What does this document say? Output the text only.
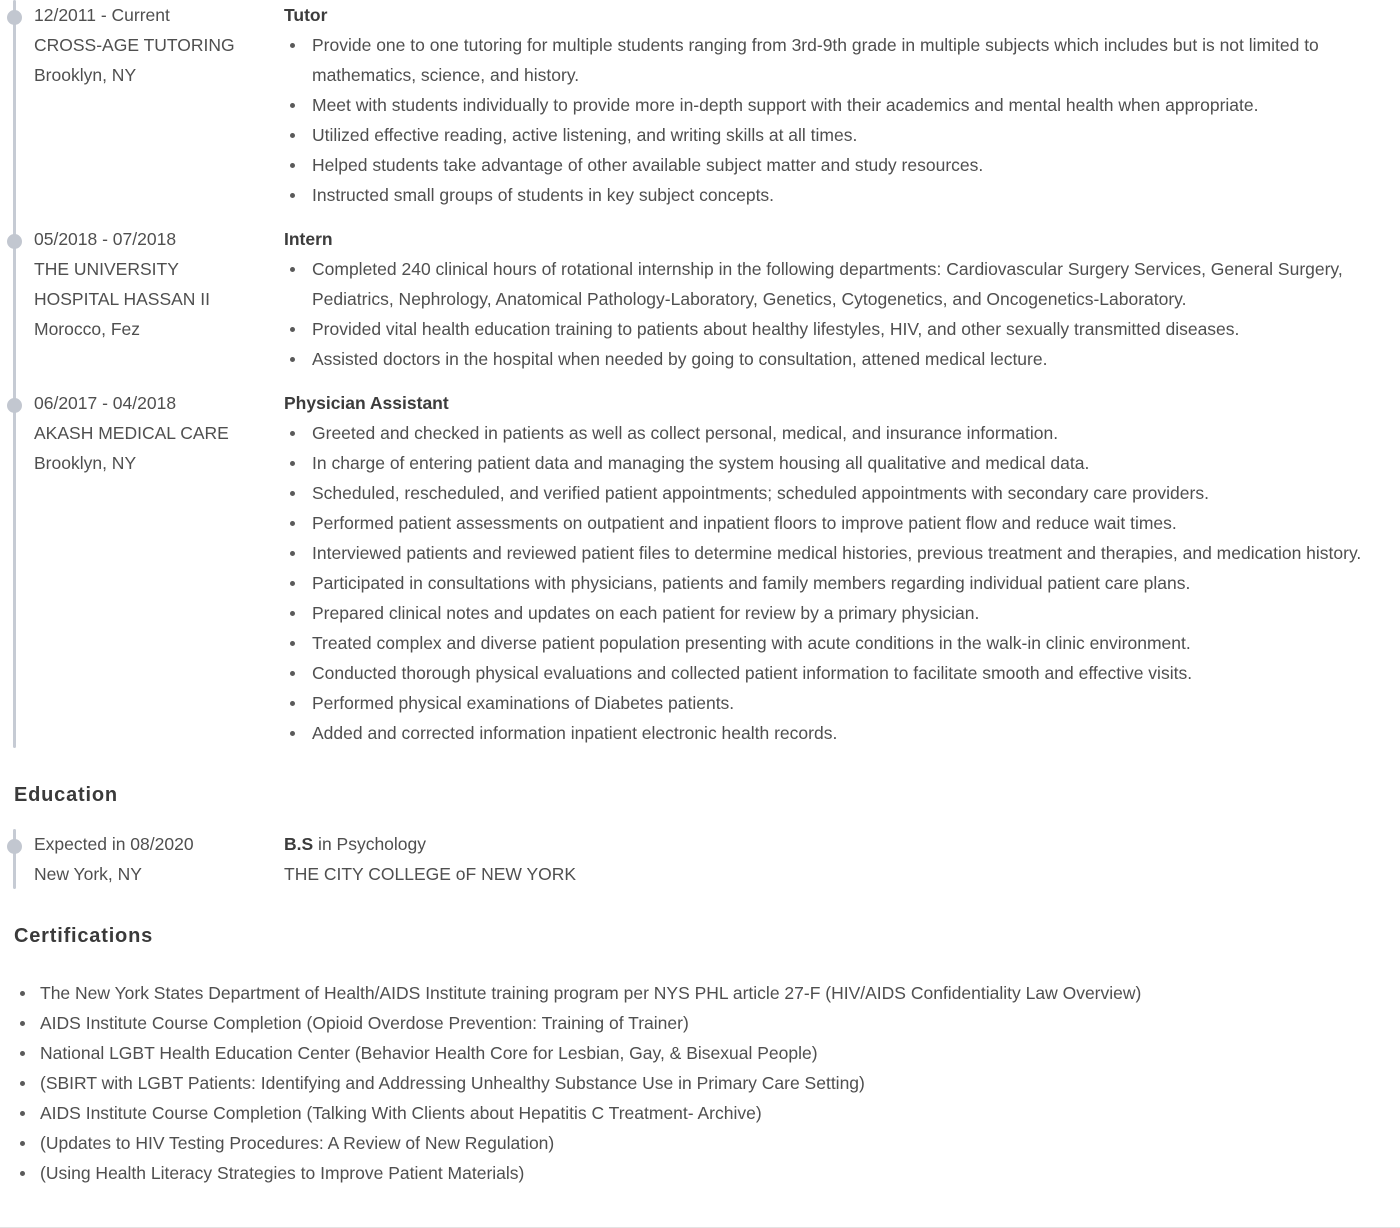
12/2011 - Current
CROSS-AGE TUTORING
Brooklyn, NY
Tutor
Provide one to one tutoring for multiple students ranging from 3rd-9th grade in multiple subjects which includes but is not limited to mathematics, science, and history.
Meet with students individually to provide more in-depth support with their academics and mental health when appropriate.
Utilized effective reading, active listening, and writing skills at all times.
Helped students take advantage of other available subject matter and study resources.
Instructed small groups of students in key subject concepts.
05/2018 - 07/2018
THE UNIVERSITY
HOSPITAL HASSAN II
Morocco, Fez
Intern
Completed 240 clinical hours of rotational internship in the following departments: Cardiovascular Surgery Services, General Surgery, Pediatrics, Nephrology, Anatomical Pathology-Laboratory, Genetics, Cytogenetics, and Oncogenetics-Laboratory.
Provided vital health education training to patients about healthy lifestyles, HIV, and other sexually transmitted diseases.
Assisted doctors in the hospital when needed by going to consultation, attened medical lecture.
06/2017 - 04/2018
AKASH MEDICAL CARE
Brooklyn, NY
Physician Assistant
Greeted and checked in patients as well as collect personal, medical, and insurance information.
In charge of entering patient data and managing the system housing all qualitative and medical data.
Scheduled, rescheduled, and verified patient appointments; scheduled appointments with secondary care providers.
Performed patient assessments on outpatient and inpatient floors to improve patient flow and reduce wait times.
Interviewed patients and reviewed patient files to determine medical histories, previous treatment and therapies, and medication history.
Participated in consultations with physicians, patients and family members regarding individual patient care plans.
Prepared clinical notes and updates on each patient for review by a primary physician.
Treated complex and diverse patient population presenting with acute conditions in the walk-in clinic environment.
Conducted thorough physical evaluations and collected patient information to facilitate smooth and effective visits.
Performed physical examinations of Diabetes patients.
Added and corrected information inpatient electronic health records.
Education
Expected in 08/2020
New York, NY
B.S in Psychology
THE CITY COLLEGE oF NEW YORK
Certifications
The New York States Department of Health/AIDS Institute training program per NYS PHL article 27-F (HIV/AIDS Confidentiality Law Overview)
AIDS Institute Course Completion (Opioid Overdose Prevention: Training of Trainer)
National LGBT Health Education Center (Behavior Health Core for Lesbian, Gay, & Bisexual People)
(SBIRT with LGBT Patients: Identifying and Addressing Unhealthy Substance Use in Primary Care Setting)
AIDS Institute Course Completion (Talking With Clients about Hepatitis C Treatment- Archive)
(Updates to HIV Testing Procedures: A Review of New Regulation)
(Using Health Literacy Strategies to Improve Patient Materials)
